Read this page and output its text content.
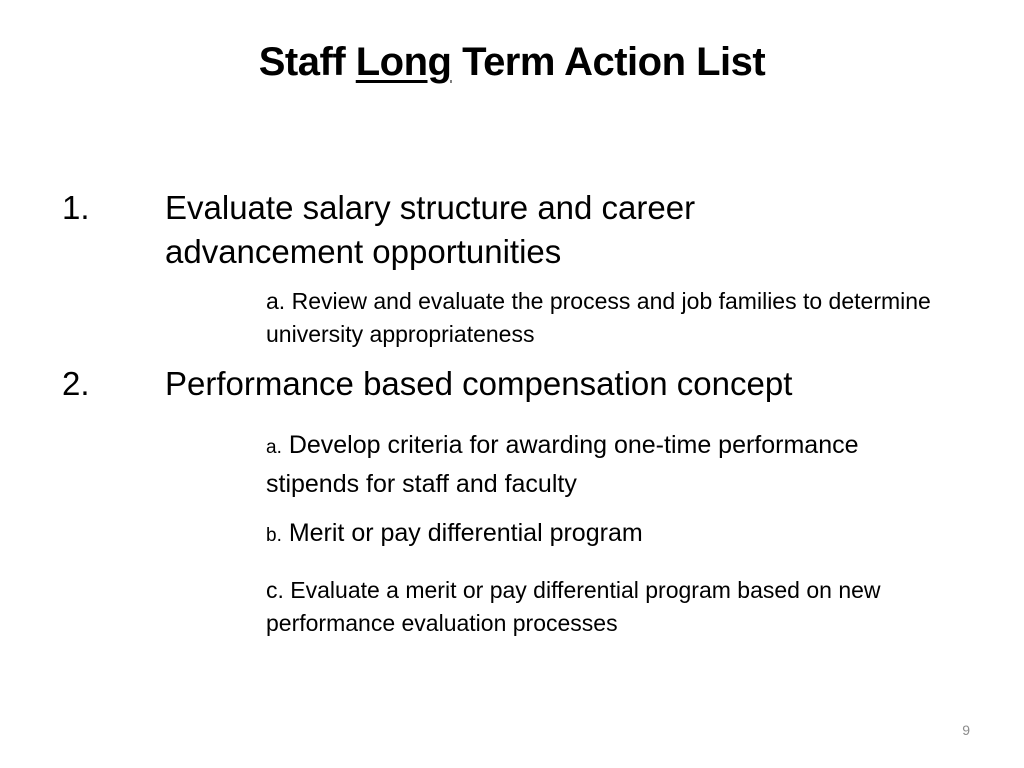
Staff Long Term Action List
1. Evaluate salary structure and career advancement opportunities
a. Review and evaluate the process and job families to determine university appropriateness
2. Performance based compensation concept
a. Develop criteria for awarding one-time performance stipends for staff and faculty
b. Merit or pay differential program
c. Evaluate a merit or pay differential program based on new performance evaluation processes
9
